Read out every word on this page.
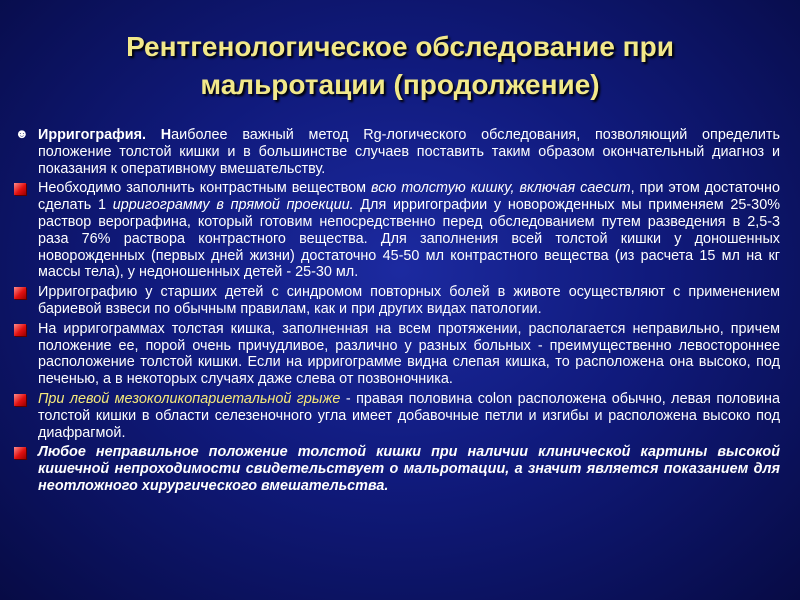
Рентгенологическое обследование при
мальротации (продолжение)
☻ Ирригография. Наиболее важный метод Rg-логического обследования, позволяющий определить положение толстой кишки и в большинстве случаев поставить таким образом окончательный диагноз и показания к оперативному вмешательству.
Необходимо заполнить контрастным веществом всю толстую кишку, включая caecum, при этом достаточно сделать 1 ирригограмму в прямой проекции. Для ирригографии у новорожденных мы применяем 25-30% раствор верографина, который готовим непосредственно перед обследованием путем разведения в 2,5-3 раза 76% раствора контрастного вещества. Для заполнения всей толстой кишки у доношенных новорожденных (первых дней жизни) достаточно 45-50 мл контрастного вещества (из расчета 15 мл на кг массы тела), у недоношенных детей - 25-30 мл.
Ирригографию у старших детей с синдромом повторных болей в животе осуществляют с применением бариевой взвеси по обычным правилам, как и при других видах патологии.
На ирригограммах толстая кишка, заполненная на всем протяжении, располагается неправильно, причем положение ее, порой очень причудливое, различно у разных больных - преимущественно левостороннее расположение толстой кишки. Если на ирригограмме видна слепая кишка, то расположена она высоко, под печенью, а в некоторых случаях даже слева от позвоночника.
При левой мезоколикопариетальной грыже - правая половина colon расположена обычно, левая половина толстой кишки в области селезеночного угла имеет добавочные петли и изгибы и расположена высоко под диафрагмой.
Любое неправильное положение толстой кишки при наличии клинической картины высокой кишечной непроходимости свидетельствует о мальротации, а значит является показанием для неотложного хирургического вмешательства.
